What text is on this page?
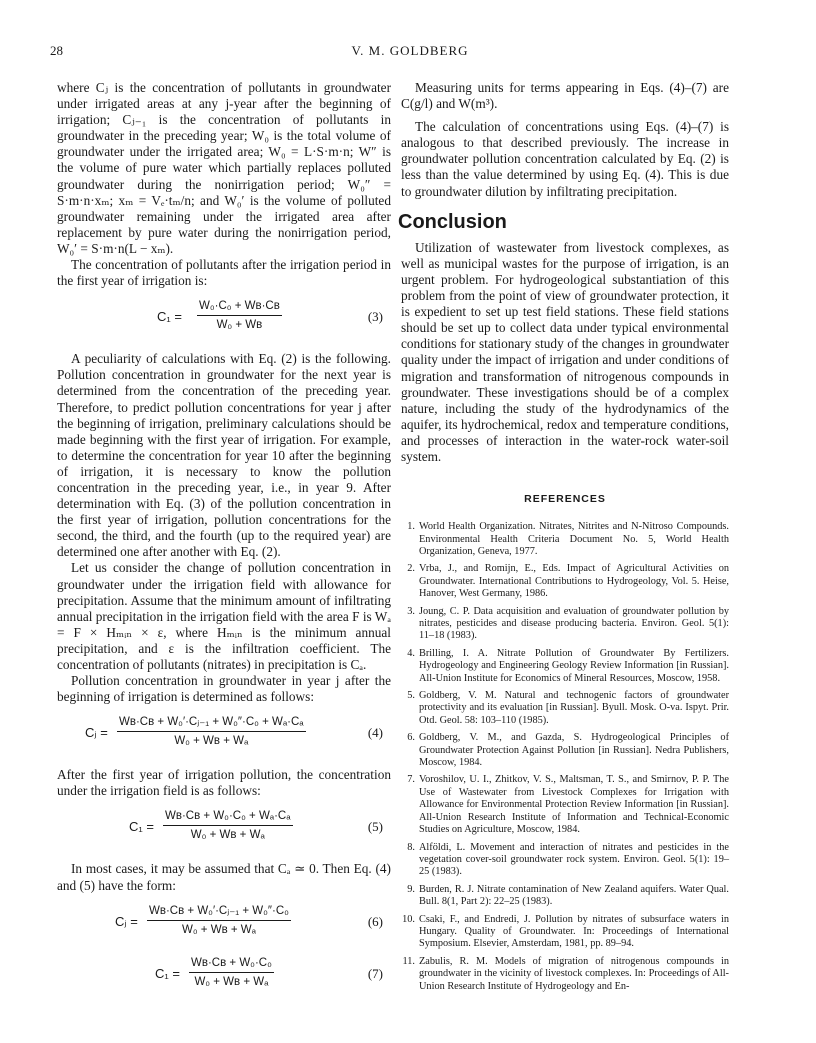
28	V. M. GOLDBERG

where Cⱼ is the concentration of pollutants in groundwater under irrigated areas at any j-year after the beginning of irrigation; Cⱼ₋₁ is the concentration of pollutants in groundwater in the preceding year; W₀ is the total volume of groundwater under the irrigated area; W₀ = L·S·m·n; W″ is the volume of pure water which partially replaces polluted groundwater during the nonirrigation period; W₀″ = S·m·n·xₘ; xₘ = Vₑ·tₘ/n; and W₀′ is the volume of polluted groundwater remaining under the irrigated area after replacement by pure water during the nonirrigation period, W₀′ = S·m·n(L − xₘ).

The concentration of pollutants after the irrigation period in the first year of irrigation is:

$C_1 = \frac{\text{W₀·C₀ + Wʙ·Cʙ}}{\text{W₀ + Wʙ}}$	(3)

A peculiarity of calculations with Eq. (2) is the following. Pollution concentration in groundwater for the next year is determined from the concentration of the preceding year. Therefore, to predict pollution concentrations for year j after the beginning of irrigation, preliminary calculations should be made beginning with the first year of irrigation. For example, to determine the concentration for year 10 after the beginning of irrigation, it is necessary to know the pollution concentration in the preceding year, i.e., in year 9. After determination with Eq. (3) of the pollution concentration in the first year of irrigation, pollution concentrations for the second, the third, and the fourth (up to the required year) are determined one after another with Eq. (2).

Let us consider the change of pollution concentration in groundwater under the irrigation field with allowance for precipitation. Assume that the minimum amount of infiltrating annual precipitation in the irrigation field with the area F is Wₐ = F × Hₘᵢₙ × ε, where Hₘᵢₙ is the minimum annual precipitation, and ε is the infiltration coefficient. The concentration of pollutants (nitrates) in precipitation is Cₐ.

Pollution concentration in groundwater in year j after the beginning of irrigation is determined as follows:

Cⱼ = $\frac{\text{Wʙ·Cʙ + W₀′·Cⱼ₋₁ + W₀″·C₀ + Wₐ·Cₐ}}{\text{W₀ + Wʙ + Wₐ}}$	(4)

After the first year of irrigation pollution, the concentration under the irrigation field is as follows:

$C_1 = \frac{\text{Wʙ·Cʙ + W₀·C₀ + Wₐ·Cₐ}}{\text{W₀ + Wʙ + Wₐ}}$	(5)

In most cases, it may be assumed that Cₐ ≃ 0. Then Eq. (4) and (5) have the form:

Cⱼ = $\frac{\text{Wʙ·Cʙ + W₀′·Cⱼ₋₁ + W₀″·C₀}}{\text{W₀ + Wʙ + Wₐ}}$	(6)
$C_1 = \frac{\text{Wʙ·Cʙ + W₀·C₀}}{\text{W₀ + Wʙ + Wₐ}}$	(7)

Measuring units for terms appearing in Eqs. (4)–(7) are C(g/l) and W(m³).

The calculation of concentrations using Eqs. (4)–(7) is analogous to that described previously. The increase in groundwater pollution concentration calculated by Eq. (2) is less than the value determined by using Eq. (4). This is due to groundwater dilution by infiltrating precipitation.

Conclusion

Utilization of wastewater from livestock complexes, as well as municipal wastes for the purpose of irrigation, is an urgent problem. For hydrogeological substantiation of this problem from the point of view of groundwater protection, it is expedient to set up test field stations. These field stations should be set up to collect data under typical environmental conditions for stationary study of the changes in groundwater quality under the impact of irrigation and under conditions of migration and transformation of nitrogenous compounds in groundwater. These investigations should be of a complex nature, including the study of the hydrodynamics of the aquifer, its hydrochemical, redox and temperature conditions, and processes of interaction in the water-rock water-soil system.

REFERENCES
1. World Health Organization. Nitrates, Nitrites and N-Nitroso Compounds. Environmental Health Criteria Document No. 5, World Health Organization, Geneva, 1977.
2. Vrba, J., and Romijn, E., Eds. Impact of Agricultural Activities on Groundwater. International Contributions to Hydrogeology, Vol. 5. Heise, Hanover, West Germany, 1986.
3. Joung, C. P. Data acquisition and evaluation of groundwater pollution by nitrates, pesticides and disease producing bacteria. Environ. Geol. 5(1): 11–18 (1983).
4. Brilling, I. A. Nitrate Pollution of Groundwater By Fertilizers. Hydrogeology and Engineering Geology Review Information [in Russian]. All-Union Institute for Economics of Mineral Resources, Moscow, 1958.
5. Goldberg, V. M. Natural and technogenic factors of groundwater protectivity and its evaluation [in Russian]. Byull. Mosk. O-va. Ispyt. Prir. Otd. Geol. 58: 103–110 (1985).
6. Goldberg, V. M., and Gazda, S. Hydrogeological Principles of Groundwater Protection Against Pollution [in Russian]. Nedra Publishers, Moscow, 1984.
7. Voroshilov, U. I., Zhitkov, V. S., Maltsman, T. S., and Smirnov, P. P. The Use of Wastewater from Livestock Complexes for Irrigation with Allowance for Environmental Protection Review Information [in Russian]. All-Union Research Institute of Information and Technical-Economic Studies on Agriculture, Moscow, 1984.
8. Alföldi, L. Movement and interaction of nitrates and pesticides in the vegetation cover-soil groundwater rock system. Environ. Geol. 5(1): 19–25 (1983).
9. Burden, R. J. Nitrate contamination of New Zealand aquifers. Water Qual. Bull. 8(1, Part 2): 22–25 (1983).
10. Csaki, F., and Endredi, J. Pollution by nitrates of subsurface waters in Hungary. Quality of Groundwater. In: Proceedings of International Symposium. Elsevier, Amsterdam, 1981, pp. 89–94.
11. Zabulis, R. M. Models of migration of nitrogenous compounds in groundwater in the vicinity of livestock complexes. In: Proceedings of All-Union Research Institute of Hydrogeology and En-
